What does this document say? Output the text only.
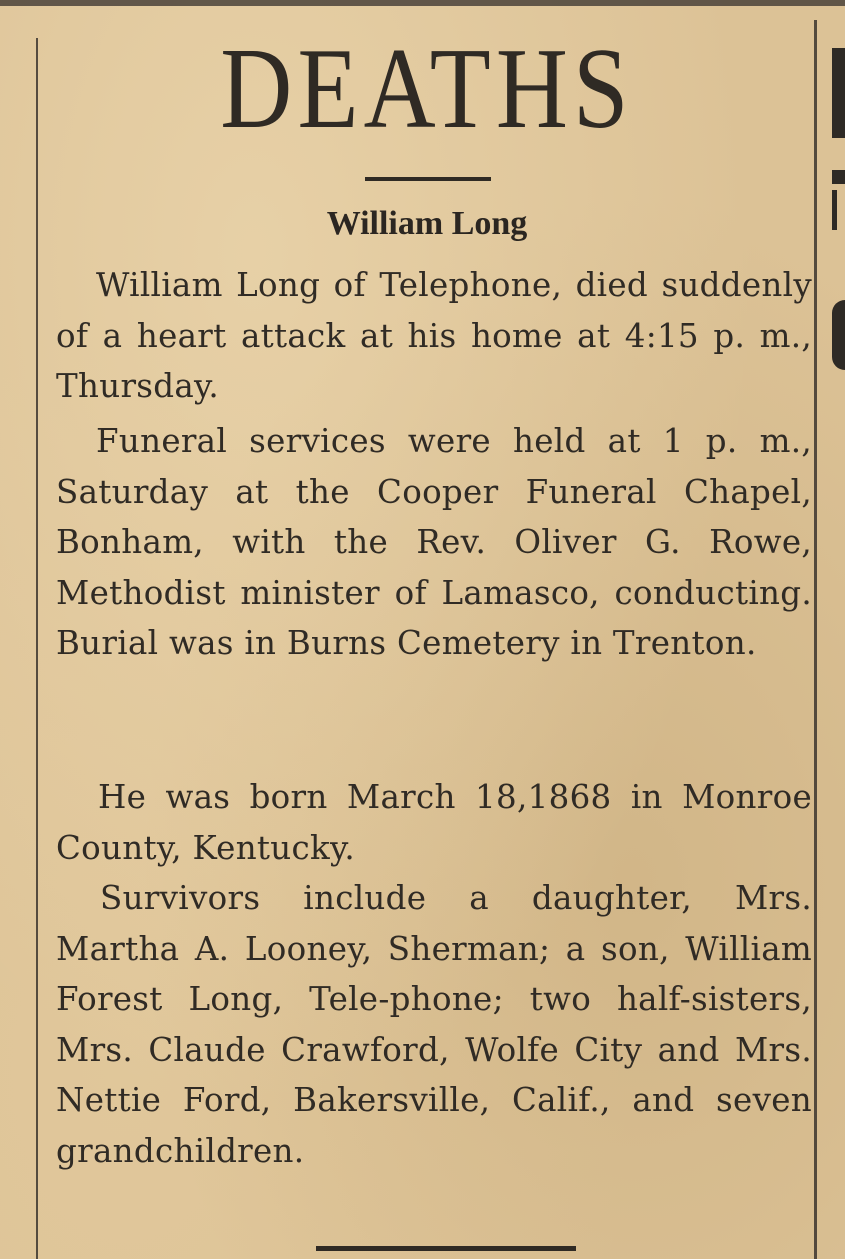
DEATHS
William Long

William Long of Telephone, died suddenly of a heart attack at his home at 4:15 p. m., Thursday.

Funeral services were held at 1 p. m., Saturday at the Cooper Funeral Chapel, Bonham, with the Rev. Oliver G. Rowe, Methodist minister of Lamasco, conducting. Burial was in Burns Cemetery in Trenton.

He was born March 18,1868 in Monroe County, Kentucky.

Survivors include a daughter, Mrs. Martha A. Looney, Sherman; a son, William Forest Long, Tele-phone; two half-sisters, Mrs. Claude Crawford, Wolfe City and Mrs. Nettie Ford, Bakersville, Calif., and seven grandchildren.
